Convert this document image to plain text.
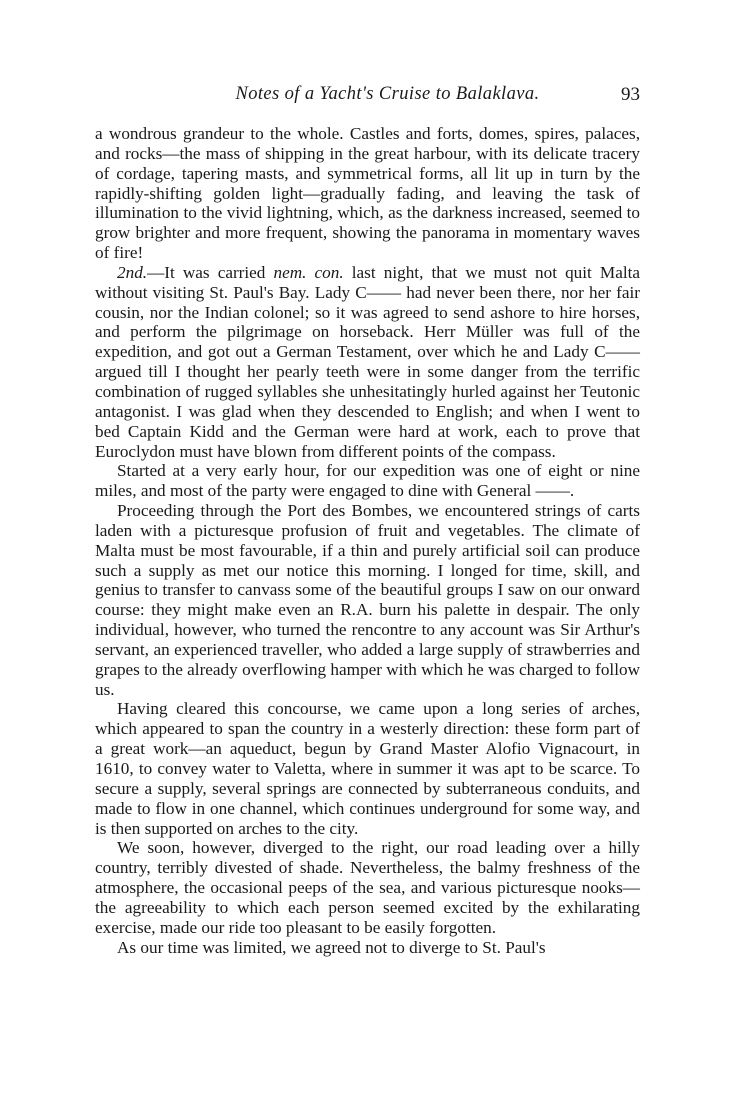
Notes of a Yacht's Cruise to Balaklava.	93

a wondrous grandeur to the whole. Castles and forts, domes, spires, palaces, and rocks—the mass of shipping in the great harbour, with its delicate tracery of cordage, tapering masts, and symmetrical forms, all lit up in turn by the rapidly-shifting golden light—gradually fading, and leaving the task of illumination to the vivid lightning, which, as the darkness increased, seemed to grow brighter and more frequent, showing the panorama in momentary waves of fire!

2nd.—It was carried nem. con. last night, that we must not quit Malta without visiting St. Paul's Bay. Lady C—— had never been there, nor her fair cousin, nor the Indian colonel; so it was agreed to send ashore to hire horses, and perform the pilgrimage on horseback. Herr Müller was full of the expedition, and got out a German Testament, over which he and Lady C—— argued till I thought her pearly teeth were in some danger from the terrific combination of rugged syllables she unhesitatingly hurled against her Teutonic antagonist. I was glad when they descended to English; and when I went to bed Captain Kidd and the German were hard at work, each to prove that Euroclydon must have blown from different points of the compass.

Started at a very early hour, for our expedition was one of eight or nine miles, and most of the party were engaged to dine with General ——.

Proceeding through the Port des Bombes, we encountered strings of carts laden with a picturesque profusion of fruit and vegetables. The climate of Malta must be most favourable, if a thin and purely artificial soil can produce such a supply as met our notice this morning. I longed for time, skill, and genius to transfer to canvass some of the beautiful groups I saw on our onward course: they might make even an R.A. burn his palette in despair. The only individual, however, who turned the rencontre to any account was Sir Arthur's servant, an experienced traveller, who added a large supply of strawberries and grapes to the already overflowing hamper with which he was charged to follow us.

Having cleared this concourse, we came upon a long series of arches, which appeared to span the country in a westerly direction: these form part of a great work—an aqueduct, begun by Grand Master Alofio Vignacourt, in 1610, to convey water to Valetta, where in summer it was apt to be scarce. To secure a supply, several springs are connected by subterraneous conduits, and made to flow in one channel, which continues underground for some way, and is then supported on arches to the city.

We soon, however, diverged to the right, our road leading over a hilly country, terribly divested of shade. Nevertheless, the balmy freshness of the atmosphere, the occasional peeps of the sea, and various picturesque nooks—the agreeability to which each person seemed excited by the exhilarating exercise, made our ride too pleasant to be easily forgotten.

As our time was limited, we agreed not to diverge to St. Paul's
